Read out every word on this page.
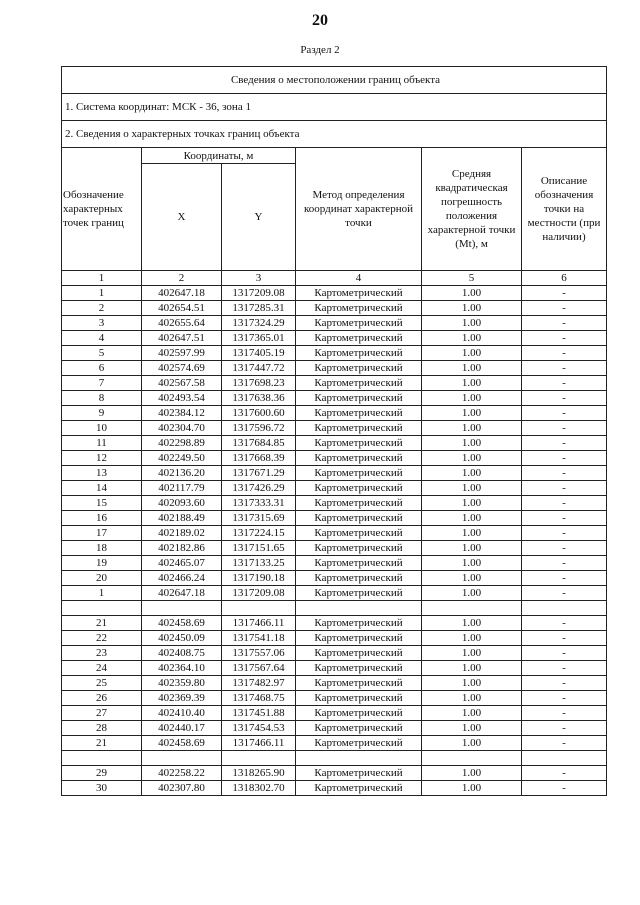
20
Раздел 2
Сведения о местоположении границ объекта					
1. Система координат: МСК - 36, зона 1					
2. Сведения о характерных точках границ объекта					
Обозначение характерных точек границ	Координаты, м		Метод определения координат характерной точки	Средняя квадратическая погрешность положения характерной точки (Mt), м	Описание обозначения точки на местности (при наличии)
	X	Y			
1	2	3	4	5	6
1	402647.18	1317209.08	Картометрический	1.00	-
2	402654.51	1317285.31	Картометрический	1.00	-
3	402655.64	1317324.29	Картометрический	1.00	-
4	402647.51	1317365.01	Картометрический	1.00	-
5	402597.99	1317405.19	Картометрический	1.00	-
6	402574.69	1317447.72	Картометрический	1.00	-
7	402567.58	1317698.23	Картометрический	1.00	-
8	402493.54	1317638.36	Картометрический	1.00	-
9	402384.12	1317600.60	Картометрический	1.00	-
10	402304.70	1317596.72	Картометрический	1.00	-
11	402298.89	1317684.85	Картометрический	1.00	-
12	402249.50	1317668.39	Картометрический	1.00	-
13	402136.20	1317671.29	Картометрический	1.00	-
14	402117.79	1317426.29	Картометрический	1.00	-
15	402093.60	1317333.31	Картометрический	1.00	-
16	402188.49	1317315.69	Картометрический	1.00	-
17	402189.02	1317224.15	Картометрический	1.00	-
18	402182.86	1317151.65	Картометрический	1.00	-
19	402465.07	1317133.25	Картометрический	1.00	-
20	402466.24	1317190.18	Картометрический	1.00	-
1	402647.18	1317209.08	Картометрический	1.00	-

21	402458.69	1317466.11	Картометрический	1.00	-
22	402450.09	1317541.18	Картометрический	1.00	-
23	402408.75	1317557.06	Картометрический	1.00	-
24	402364.10	1317567.64	Картометрический	1.00	-
25	402359.80	1317482.97	Картометрический	1.00	-
26	402369.39	1317468.75	Картометрический	1.00	-
27	402410.40	1317451.88	Картометрический	1.00	-
28	402440.17	1317454.53	Картометрический	1.00	-
21	402458.69	1317466.11	Картометрический	1.00	-

29	402258.22	1318265.90	Картометрический	1.00	-
30	402307.80	1318302.70	Картометрический	1.00	-
